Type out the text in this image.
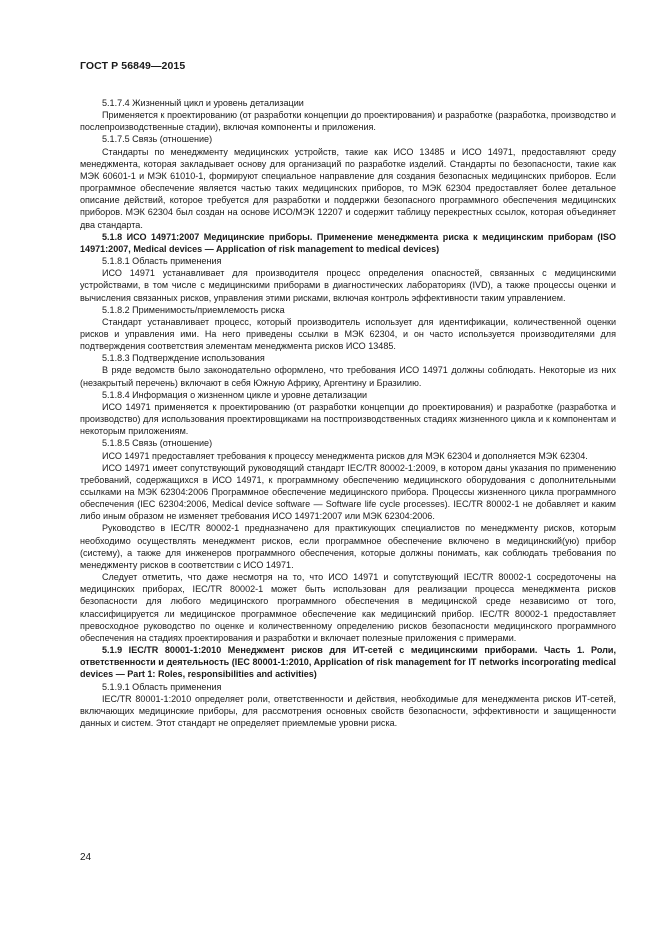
ГОСТ Р 56849—2015

5.1.7.4 Жизненный цикл и уровень детализации

Применяется к проектированию (от разработки концепции до проектирования) и разработке (разработка, производство и послепроизводственные стадии), включая компоненты и приложения.

5.1.7.5 Связь (отношение)

Стандарты по менеджменту медицинских устройств, такие как ИСО 13485 и ИСО 14971, предоставляют среду менеджмента, которая закладывает основу для организаций по разработке изделий. Стандарты по безопасности, такие как МЭК 60601-1 и МЭК 61010-1, формируют специальное направление для создания безопасных медицинских приборов. Если программное обеспечение является частью таких медицинских приборов, то МЭК 62304 предоставляет более детальное описание действий, которое требуется для разработки и поддержки безопасного программного обеспечения медицинских приборов. МЭК 62304 был создан на основе ИСО/МЭК 12207 и содержит таблицу перекрестных ссылок, которая объединяет два стандарта.

5.1.8 ИСО 14971:2007 Медицинские приборы. Применение менеджмента риска к медицинским приборам (ISO 14971:2007, Medical devices — Application of risk management to medical devices)

5.1.8.1 Область применения

ИСО 14971 устанавливает для производителя процесс определения опасностей, связанных с медицинскими устройствами, в том числе с медицинскими приборами в диагностических лабораториях (IVD), а также процессы оценки и вычисления связанных рисков, управления этими рисками, включая контроль эффективности таким управлением.

5.1.8.2 Применимость/приемлемость риска

Стандарт устанавливает процесс, который производитель использует для идентификации, количественной оценки рисков и управления ими. На него приведены ссылки в МЭК 62304, и он часто используется производителями для подтверждения соответствия элементам менеджмента рисков ИСО 13485.

5.1.8.3 Подтверждение использования

В ряде ведомств было законодательно оформлено, что требования ИСО 14971 должны соблюдать. Некоторые из них (незакрытый перечень) включают в себя Южную Африку, Аргентину и Бразилию.

5.1.8.4 Информация о жизненном цикле и уровне детализации

ИСО 14971 применяется к проектированию (от разработки концепции до проектирования) и разработке (разработка и производство) для использования проектировщиками на постпроизводственных стадиях жизненного цикла и к компонентам и некоторым приложениям.

5.1.8.5 Связь (отношение)

ИСО 14971 предоставляет требования к процессу менеджмента рисков для МЭК 62304 и дополняется МЭК 62304.

ИСО 14971 имеет сопутствующий руководящий стандарт IEC/TR 80002-1:2009, в котором даны указания по применению требований, содержащихся в ИСО 14971, к программному обеспечению медицинского оборудования с дополнительными ссылками на МЭК 62304:2006 Программное обеспечение медицинского прибора. Процессы жизненного цикла программного обеспечения (IEC 62304:2006, Medical device software — Software life cycle processes). IEC/TR 80002-1 не добавляет и каким либо иным образом не изменяет требования ИСО 14971:2007 или МЭК 62304:2006.

Руководство в IEC/TR 80002-1 предназначено для практикующих специалистов по менеджменту рисков, которым необходимо осуществлять менеджмент рисков, если программное обеспечение включено в медицинский(ую) прибор (систему), а также для инженеров программного обеспечения, которые должны понимать, как соблюдать требования по менеджменту рисков в соответствии с ИСО 14971.

Следует отметить, что даже несмотря на то, что ИСО 14971 и сопутствующий IEC/TR 80002-1 сосредоточены на медицинских приборах, IEC/TR 80002-1 может быть использован для реализации процесса менеджмента рисков безопасности для любого медицинского программного обеспечения в медицинской среде независимо от того, классифицируется ли медицинское программное обеспечение как медицинский прибор. IEC/TR 80002-1 предоставляет превосходное руководство по оценке и количественному определению рисков безопасности медицинского программного обеспечения на стадиях проектирования и разработки и включает полезные приложения с примерами.

5.1.9 IEC/TR 80001-1:2010 Менеджмент рисков для ИТ-сетей с медицинскими приборами. Часть 1. Роли, ответственности и деятельность (IEC 80001-1:2010, Application of risk management for IT networks incorporating medical devices — Part 1: Roles, responsibilities and activities)

5.1.9.1 Область применения

IEC/TR 80001-1:2010 определяет роли, ответственности и действия, необходимые для менеджмента рисков ИТ-сетей, включающих медицинские приборы, для рассмотрения основных свойств безопасности, эффективности и защищенности данных и систем. Этот стандарт не определяет приемлемые уровни риска.

24
